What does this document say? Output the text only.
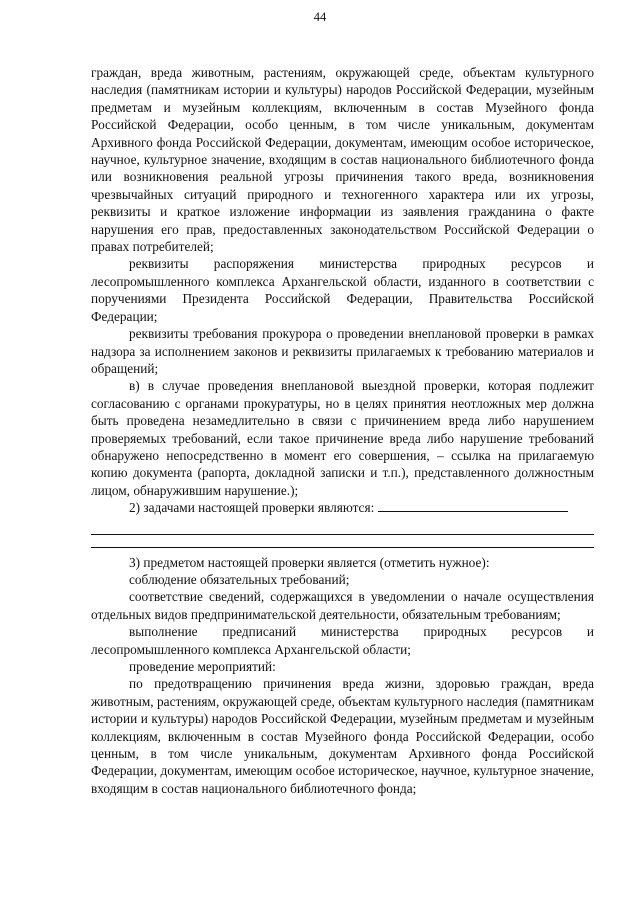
44

граждан, вреда животным, растениям, окружающей среде, объектам культурного наследия (памятникам истории и культуры) народов Российской Федерации, музейным предметам и музейным коллекциям, включенным в состав Музейного фонда Российской Федерации, особо ценным, в том числе уникальным, документам Архивного фонда Российской Федерации, документам, имеющим особое историческое, научное, культурное значение, входящим в состав национального библиотечного фонда или возникновения реальной угрозы причинения такого вреда, возникновения чрезвычайных ситуаций природного и техногенного характера или их угрозы, реквизиты и краткое изложение информации из заявления гражданина о факте нарушения его прав, предоставленных законодательством Российской Федерации о правах потребителей;

реквизиты распоряжения министерства природных ресурсов и лесопромышленного комплекса Архангельской области, изданного в соответствии с поручениями Президента Российской Федерации, Правительства Российской Федерации;

реквизиты требования прокурора о проведении внеплановой проверки в рамках надзора за исполнением законов и реквизиты прилагаемых к требованию материалов и обращений;

в) в случае проведения внеплановой выездной проверки, которая подлежит согласованию с органами прокуратуры, но в целях принятия неотложных мер должна быть проведена незамедлительно в связи с причинением вреда либо нарушением проверяемых требований, если такое причинение вреда либо нарушение требований обнаружено непосредственно в момент его совершения, – ссылка на прилагаемую копию документа (рапорта, докладной записки и т.п.), представленного должностным лицом, обнаружившим нарушение.);

2) задачами настоящей проверки являются:

3) предметом настоящей проверки является (отметить нужное):

соблюдение обязательных требований;

соответствие сведений, содержащихся в уведомлении о начале осуществления отдельных видов предпринимательской деятельности, обязательным требованиям;

выполнение предписаний министерства природных ресурсов и лесопромышленного комплекса Архангельской области;

проведение мероприятий:

по предотвращению причинения вреда жизни, здоровью граждан, вреда животным, растениям, окружающей среде, объектам культурного наследия (памятникам истории и культуры) народов Российской Федерации, музейным предметам и музейным коллекциям, включенным в состав Музейного фонда Российской Федерации, особо ценным, в том числе уникальным, документам Архивного фонда Российской Федерации, документам, имеющим особое историческое, научное, культурное значение, входящим в состав национального библиотечного фонда;
